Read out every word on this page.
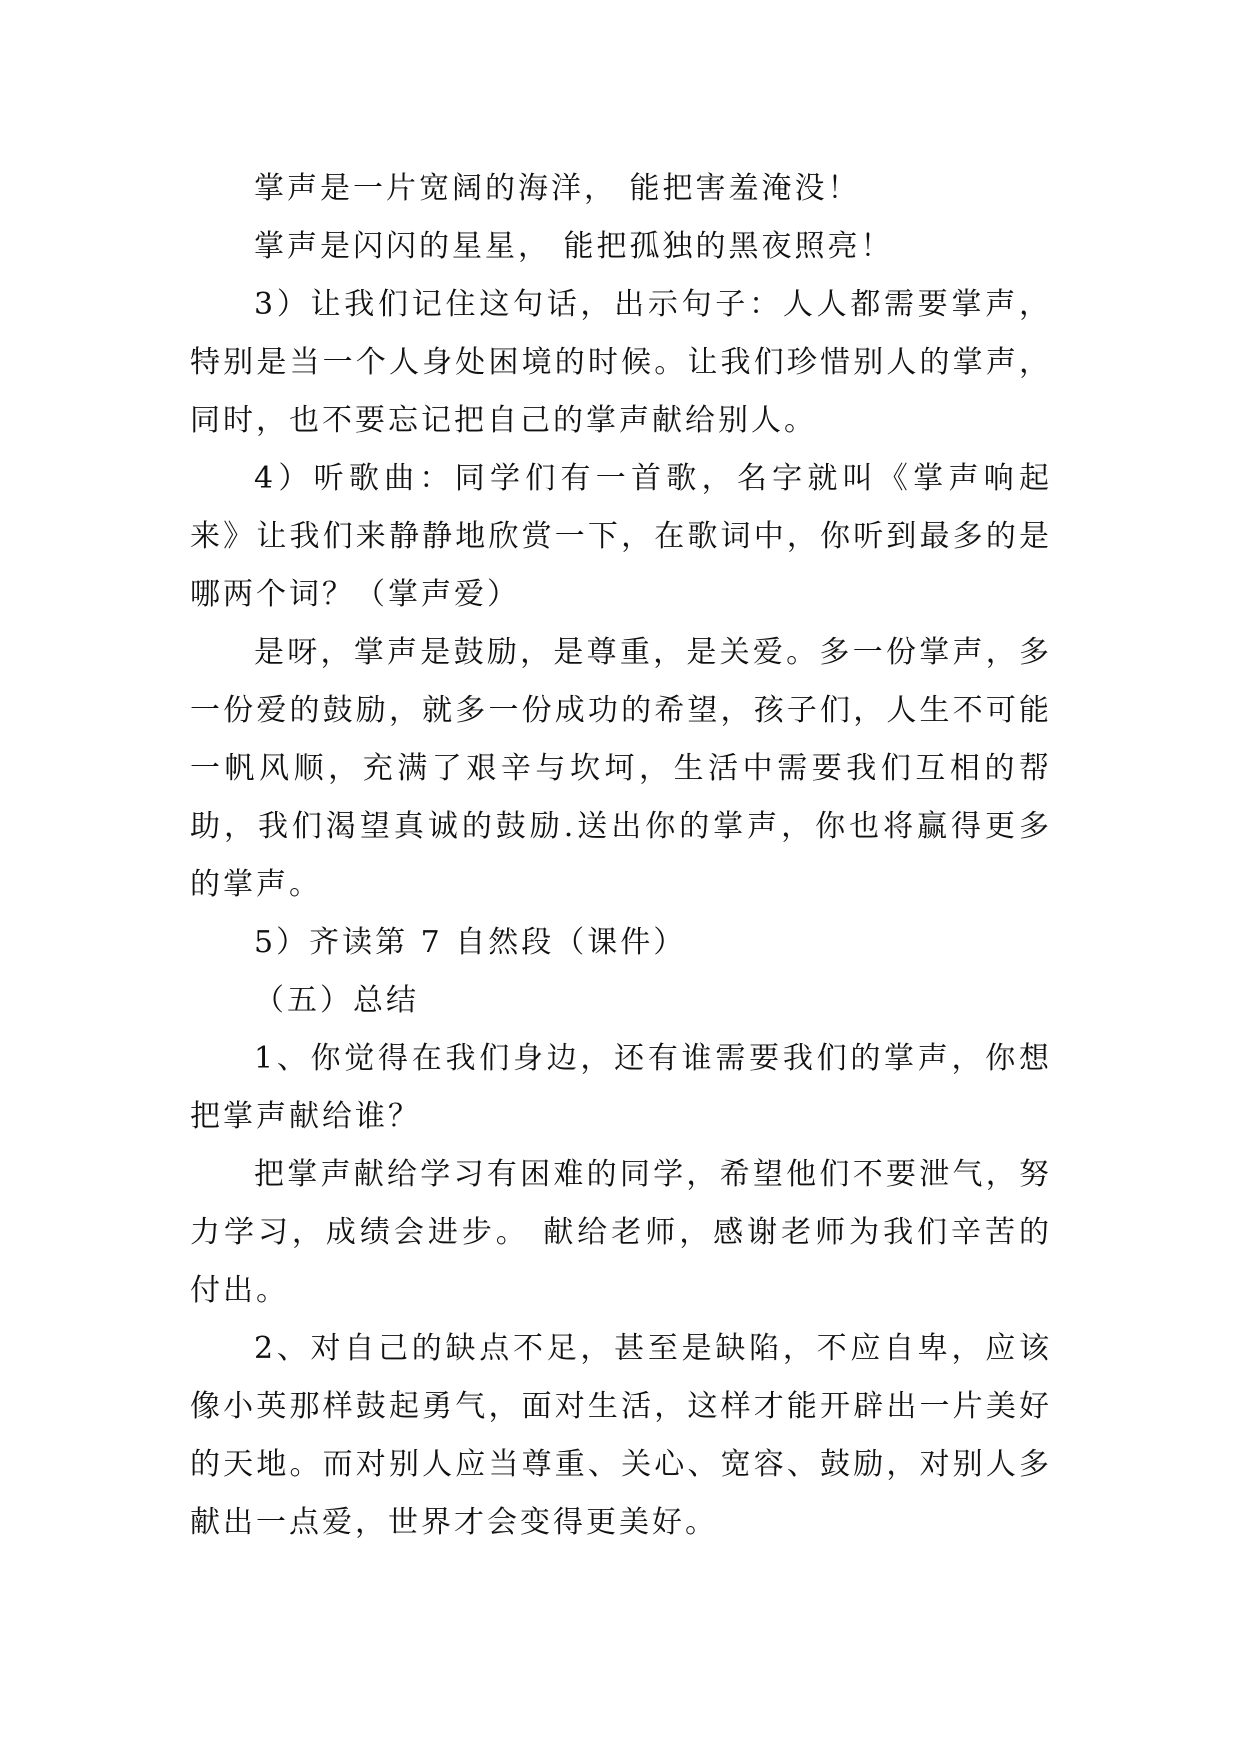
掌声是一片宽阔的海洋， 能把害羞淹没！

掌声是闪闪的星星， 能把孤独的黑夜照亮！

3）让我们记住这句话，出示句子：人人都需要掌声，特别是当一个人身处困境的时候。让我们珍惜别人的掌声，同时，也不要忘记把自己的掌声献给别人。

4）听歌曲：同学们有一首歌，名字就叫《掌声响起来》让我们来静静地欣赏一下，在歌词中，你听到最多的是哪两个词？（掌声爱）

是呀，掌声是鼓励，是尊重，是关爱。多一份掌声，多一份爱的鼓励，就多一份成功的希望，孩子们，人生不可能一帆风顺，充满了艰辛与坎坷，生活中需要我们互相的帮助，我们渴望真诚的鼓励.送出你的掌声，你也将赢得更多的掌声。

5）齐读第 7 自然段（课件）

（五）总结

1、你觉得在我们身边，还有谁需要我们的掌声，你想把掌声献给谁？

把掌声献给学习有困难的同学，希望他们不要泄气，努力学习，成绩会进步。 献给老师，感谢老师为我们辛苦的付出。

2、对自己的缺点不足，甚至是缺陷，不应自卑，应该像小英那样鼓起勇气，面对生活，这样才能开辟出一片美好的天地。而对别人应当尊重、关心、宽容、鼓励，对别人多献出一点爱，世界才会变得更美好。
